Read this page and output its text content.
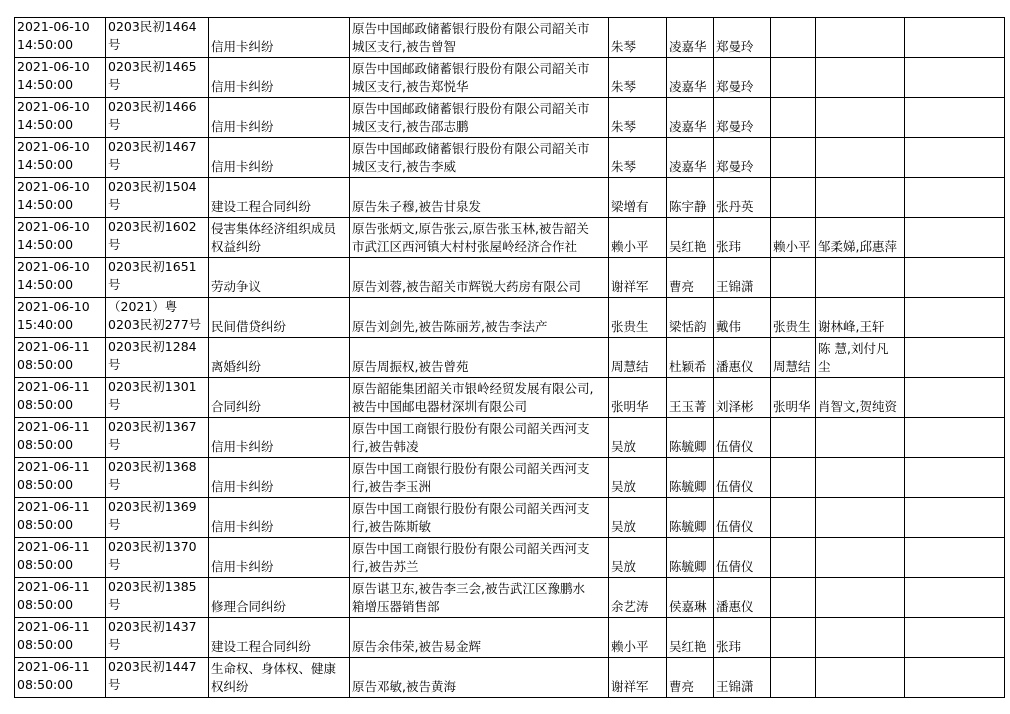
2021-06-10
14:50:00	0203民初1464
号	信用卡纠纷	原告中国邮政储蓄银行股份有限公司韶关市
城区支行,被告曾智	朱琴	凌嘉华	郑曼玲			
2021-06-10
14:50:00	0203民初1465
号	信用卡纠纷	原告中国邮政储蓄银行股份有限公司韶关市
城区支行,被告郑悦华	朱琴	凌嘉华	郑曼玲			
2021-06-10
14:50:00	0203民初1466
号	信用卡纠纷	原告中国邮政储蓄银行股份有限公司韶关市
城区支行,被告邵志鹏	朱琴	凌嘉华	郑曼玲			
2021-06-10
14:50:00	0203民初1467
号	信用卡纠纷	原告中国邮政储蓄银行股份有限公司韶关市
城区支行,被告李威	朱琴	凌嘉华	郑曼玲			
2021-06-10
14:50:00	0203民初1504
号	建设工程合同纠纷	原告朱子穆,被告甘泉发	梁增有	陈宇静	张丹英			
2021-06-10
14:50:00	0203民初1602
号	侵害集体经济组织成员
权益纠纷	原告张炳文,原告张云,原告张玉林,被告韶关
市武江区西河镇大村村张屋岭经济合作社	赖小平	吴红艳	张玮	赖小平	邹柔娣,邱惠萍	
2021-06-10
14:50:00	0203民初1651
号	劳动争议	原告刘蓉,被告韶关市辉锐大药房有限公司	谢祥军	曹亮	王锦潇			
2021-06-10
15:40:00	（2021）粤
0203民初277号	民间借贷纠纷	原告刘剑先,被告陈丽芳,被告李法产	张贵生	梁恬韵	戴伟	张贵生	谢林峰,王轩	
2021-06-11
08:50:00	0203民初1284
号	离婚纠纷	原告周振权,被告曾苑	周慧结	杜颖希	潘惠仪	周慧结	陈 慧,刘付凡
尘	
2021-06-11
08:50:00	0203民初1301
号	合同纠纷	原告韶能集团韶关市银岭经贸发展有限公司,
被告中国邮电器材深圳有限公司	张明华	王玉菁	刘泽彬	张明华	肖智文,贺纯资	
2021-06-11
08:50:00	0203民初1367
号	信用卡纠纷	原告中国工商银行股份有限公司韶关西河支
行,被告韩凌	吴放	陈毓卿	伍倩仪			
2021-06-11
08:50:00	0203民初1368
号	信用卡纠纷	原告中国工商银行股份有限公司韶关西河支
行,被告李玉洲	吴放	陈毓卿	伍倩仪			
2021-06-11
08:50:00	0203民初1369
号	信用卡纠纷	原告中国工商银行股份有限公司韶关西河支
行,被告陈斯敏	吴放	陈毓卿	伍倩仪			
2021-06-11
08:50:00	0203民初1370
号	信用卡纠纷	原告中国工商银行股份有限公司韶关西河支
行,被告苏兰	吴放	陈毓卿	伍倩仪			
2021-06-11
08:50:00	0203民初1385
号	修理合同纠纷	原告谌卫东,被告李三会,被告武江区豫鹏水
箱增压器销售部	余艺涛	侯嘉琳	潘惠仪			
2021-06-11
08:50:00	0203民初1437
号	建设工程合同纠纷	原告余伟荣,被告易金辉	赖小平	吴红艳	张玮			
2021-06-11
08:50:00	0203民初1447
号	生命权、身体权、健康
权纠纷	原告邓敏,被告黄海	谢祥军	曹亮	王锦潇			
